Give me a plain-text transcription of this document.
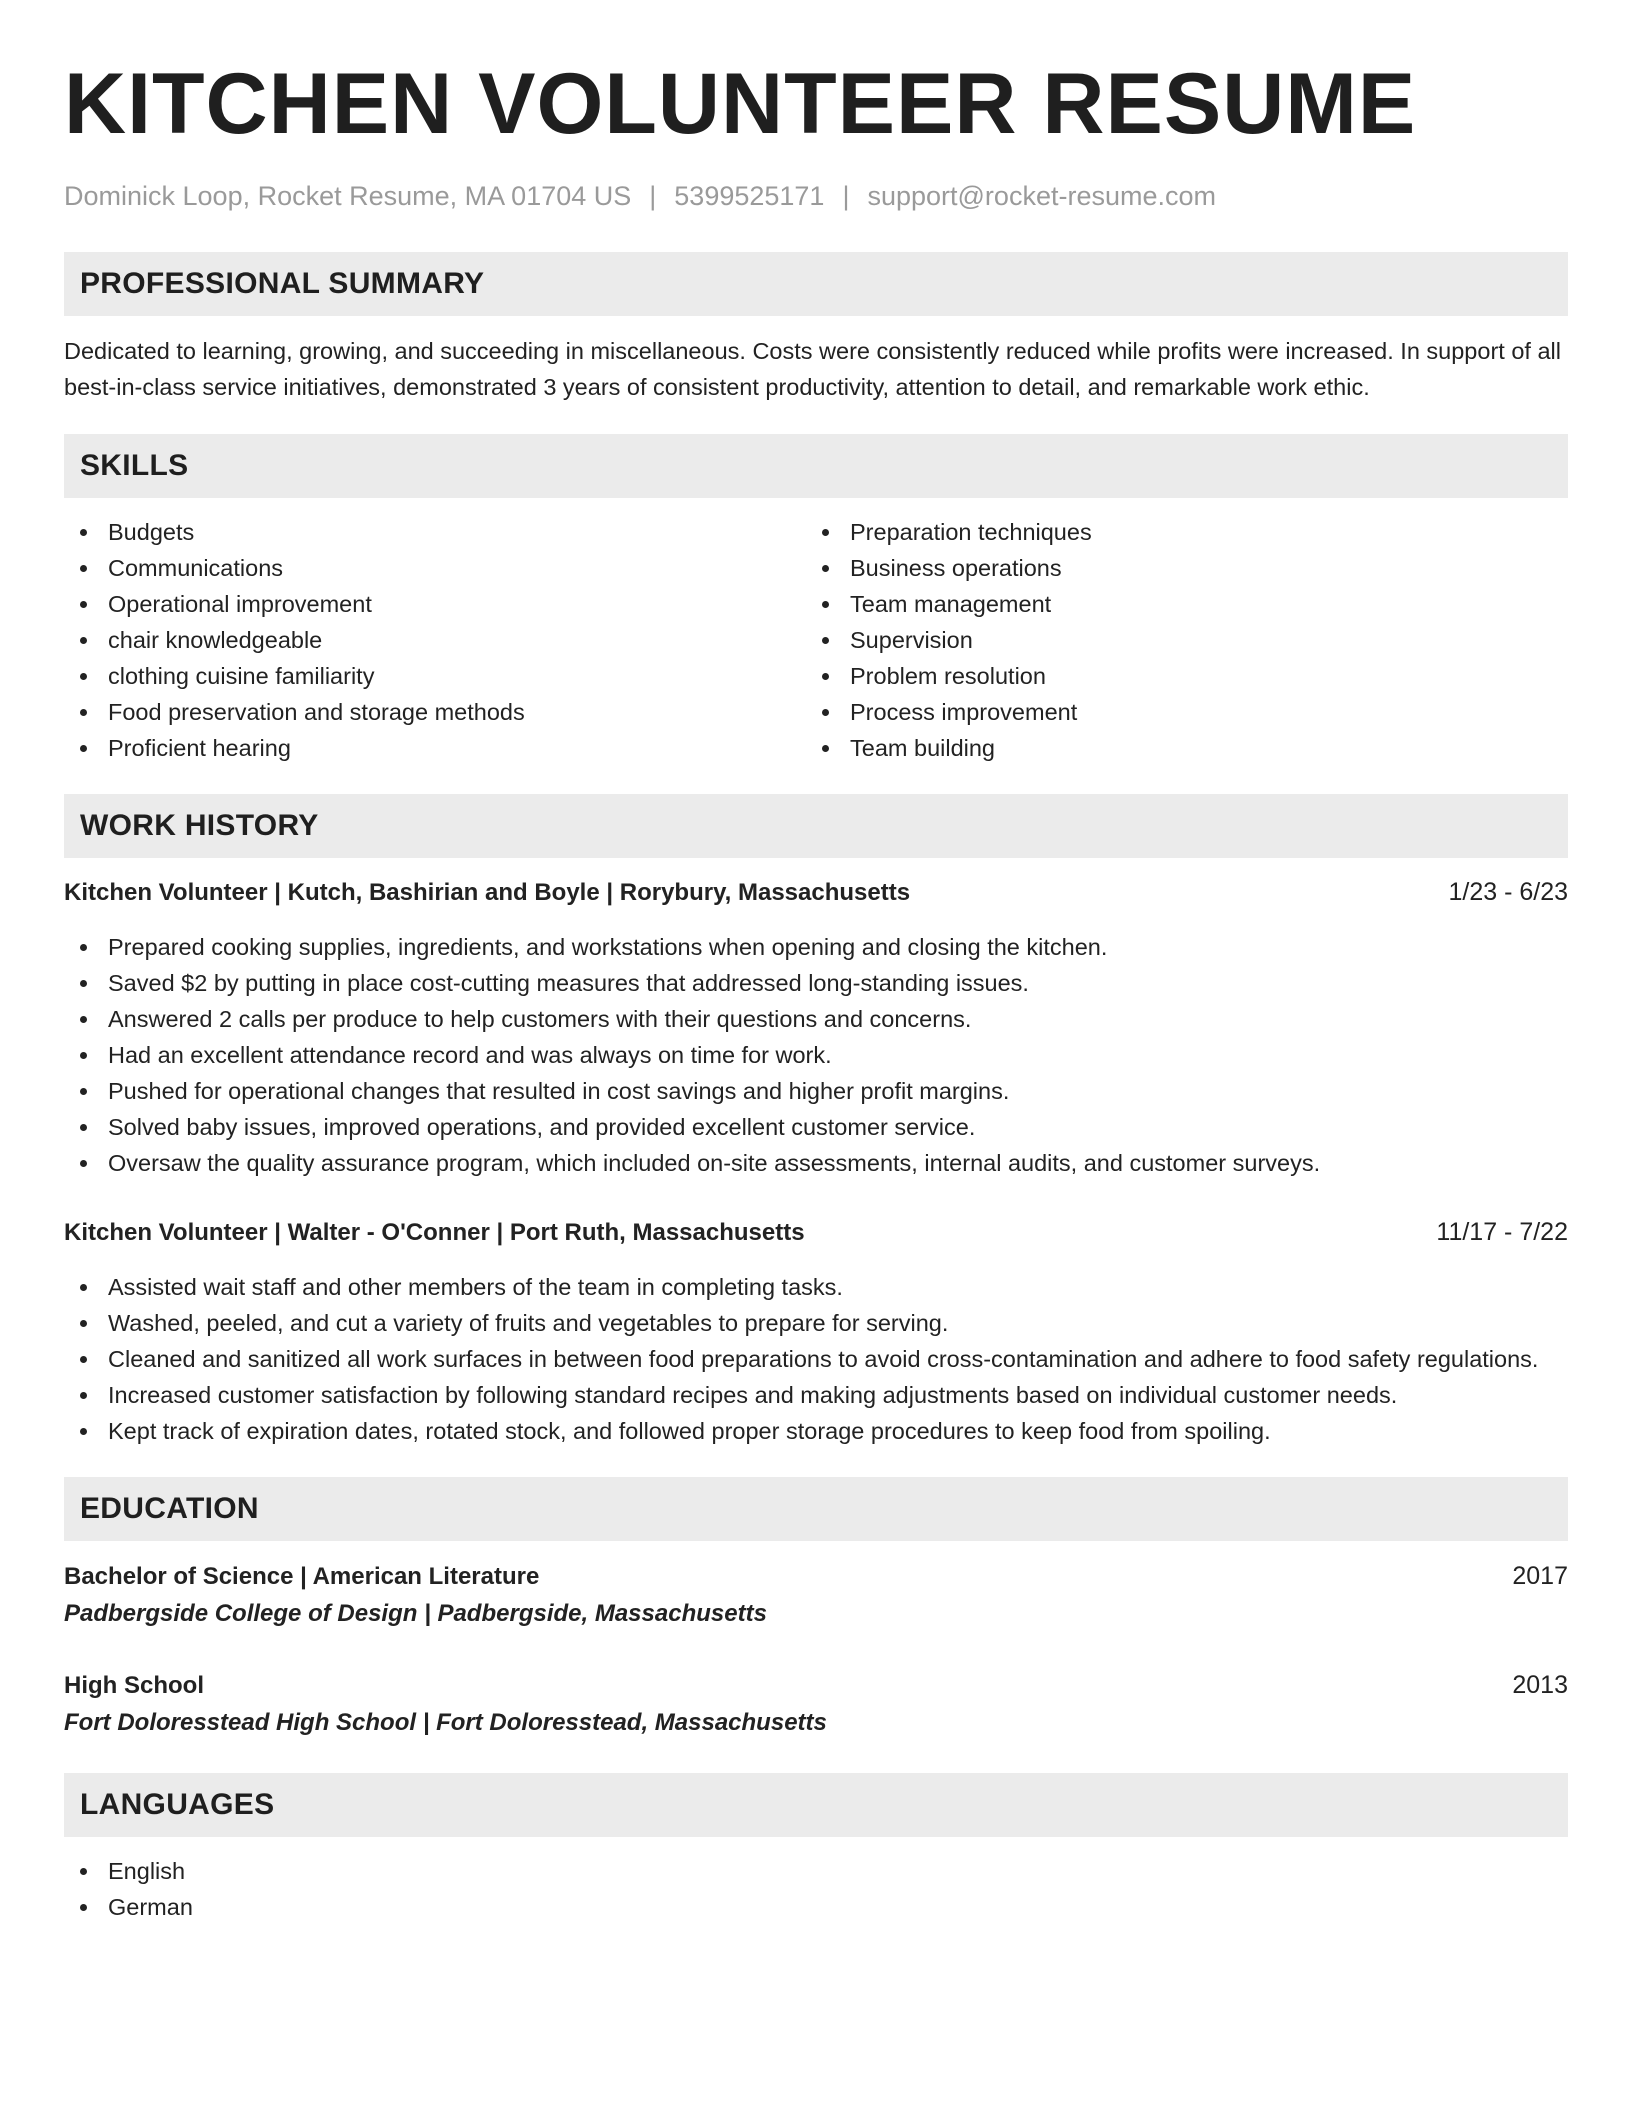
KITCHEN VOLUNTEER RESUME
Dominick Loop, Rocket Resume, MA 01704 US | 5399525171 | support@rocket-resume.com
PROFESSIONAL SUMMARY

Dedicated to learning, growing, and succeeding in miscellaneous. Costs were consistently reduced while profits were increased. In support of all best-in-class service initiatives, demonstrated 3 years of consistent productivity, attention to detail, and remarkable work ethic.

SKILLS
Budgets
Communications
Operational improvement
chair knowledgeable
clothing cuisine familiarity
Food preservation and storage methods
Proficient hearing
Preparation techniques
Business operations
Team management
Supervision
Problem resolution
Process improvement
Team building
WORK HISTORY
Kitchen Volunteer | Kutch, Bashirian and Boyle | Rorybury, Massachusetts	1/23 - 6/23
Prepared cooking supplies, ingredients, and workstations when opening and closing the kitchen.
Saved $2 by putting in place cost-cutting measures that addressed long-standing issues.
Answered 2 calls per produce to help customers with their questions and concerns.
Had an excellent attendance record and was always on time for work.
Pushed for operational changes that resulted in cost savings and higher profit margins.
Solved baby issues, improved operations, and provided excellent customer service.
Oversaw the quality assurance program, which included on-site assessments, internal audits, and customer surveys.
Kitchen Volunteer | Walter - O'Conner | Port Ruth, Massachusetts	11/17 - 7/22
Assisted wait staff and other members of the team in completing tasks.
Washed, peeled, and cut a variety of fruits and vegetables to prepare for serving.
Cleaned and sanitized all work surfaces in between food preparations to avoid cross-contamination and adhere to food safety regulations.
Increased customer satisfaction by following standard recipes and making adjustments based on individual customer needs.
Kept track of expiration dates, rotated stock, and followed proper storage procedures to keep food from spoiling.
EDUCATION
Bachelor of Science | American Literature	2017
Padbergside College of Design | Padbergside, Massachusetts
High School	2013
Fort Doloresstead High School | Fort Doloresstead, Massachusetts
LANGUAGES
English
German
